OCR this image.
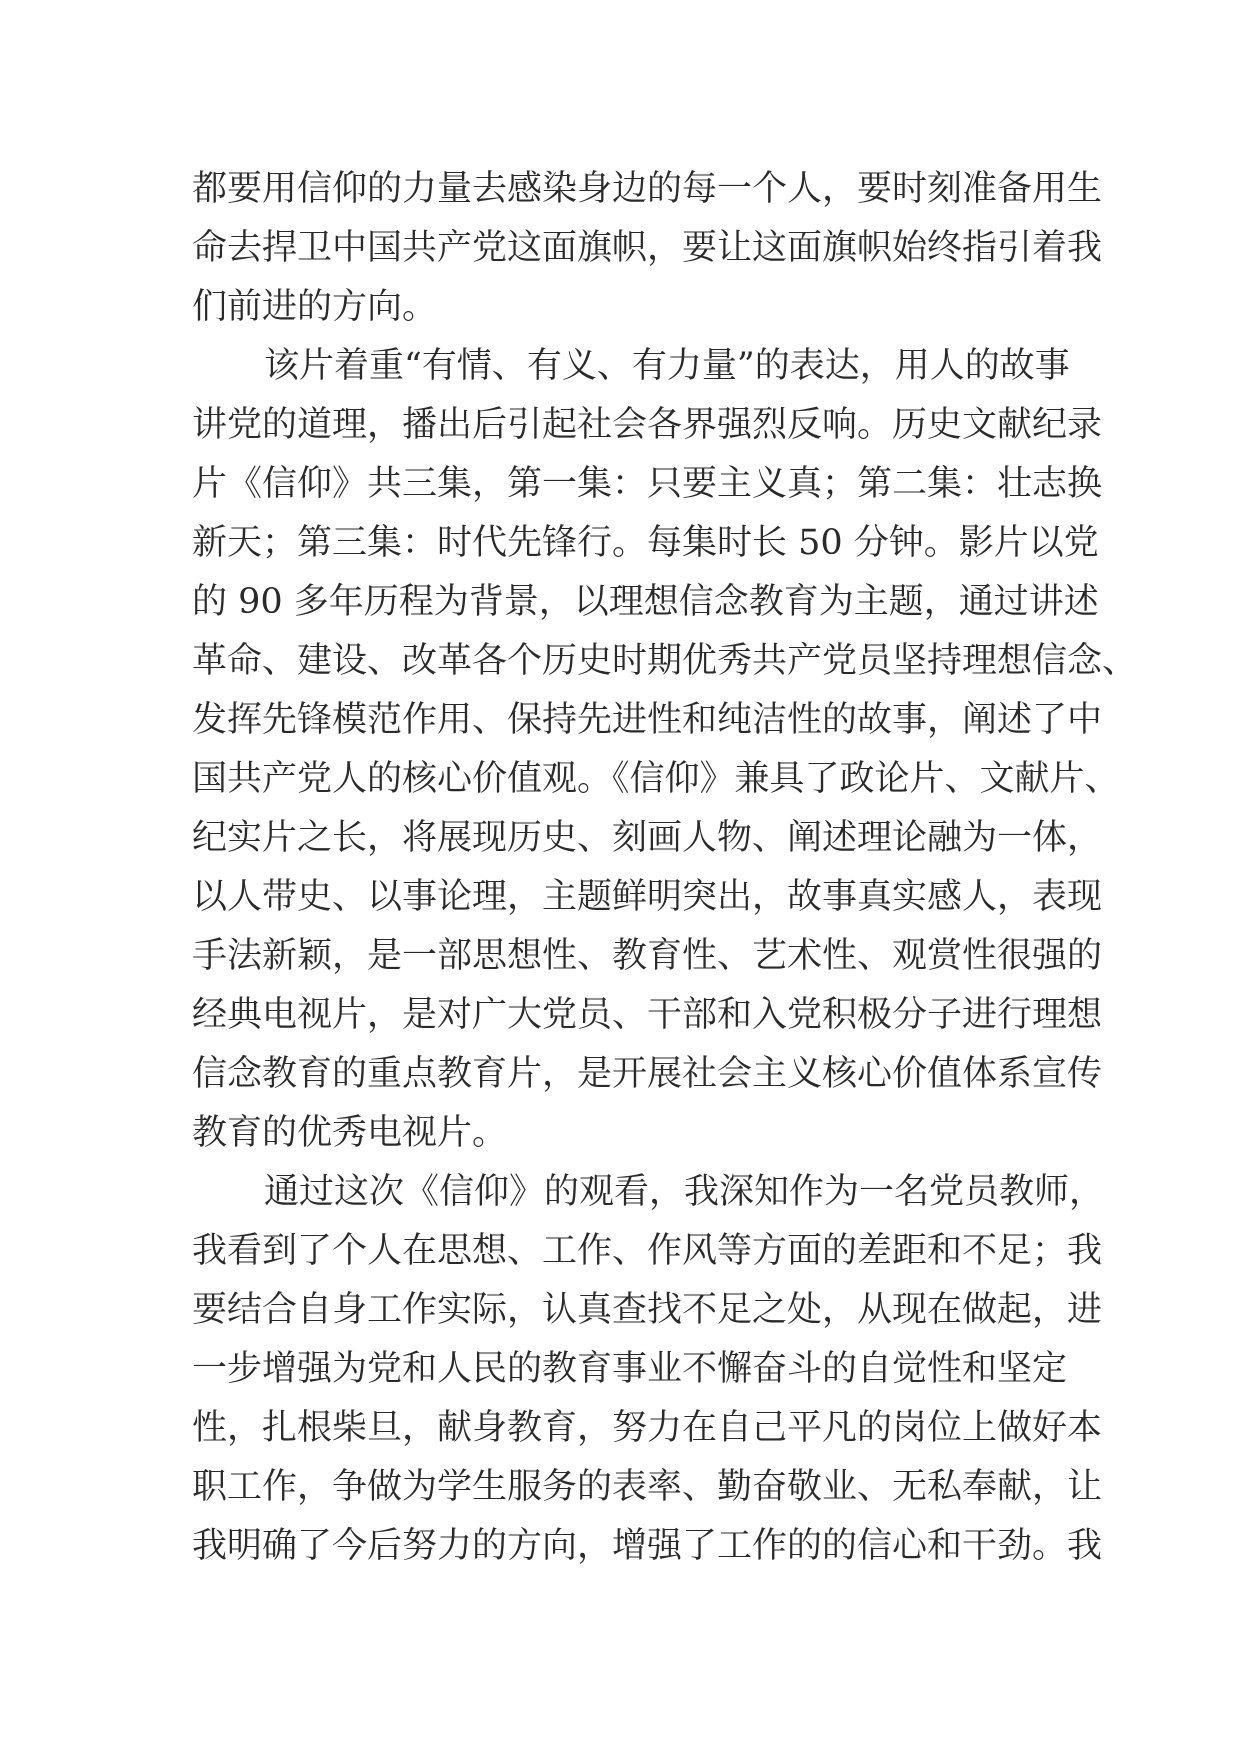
都要用信仰的力量去感染身边的每一个人，要时刻准备用生
命去捍卫中国共产党这面旗帜，要让这面旗帜始终指引着我
们前进的方向。
该片着重“有情、有义、有力量”的表达，用人的故事
讲党的道理，播出后引起社会各界强烈反响。历史文献纪录
片《信仰》共三集，第一集：只要主义真；第二集：壮志换
新天；第三集：时代先锋行。每集时长 50 分钟。影片以党
的 90 多年历程为背景，以理想信念教育为主题，通过讲述
革命、建设、改革各个历史时期优秀共产党员坚持理想信念、
发挥先锋模范作用、保持先进性和纯洁性的故事，阐述了中
国共产党人的核心价值观。《信仰》兼具了政论片、文献片、
纪实片之长，将展现历史、刻画人物、阐述理论融为一体，
以人带史、以事论理，主题鲜明突出，故事真实感人，表现
手法新颖，是一部思想性、教育性、艺术性、观赏性很强的
经典电视片，是对广大党员、干部和入党积极分子进行理想
信念教育的重点教育片，是开展社会主义核心价值体系宣传
教育的优秀电视片。
通过这次《信仰》的观看，我深知作为一名党员教师，
我看到了个人在思想、工作、作风等方面的差距和不足；我
要结合自身工作实际，认真查找不足之处，从现在做起，进
一步增强为党和人民的教育事业不懈奋斗的自觉性和坚定
性，扎根柴旦，献身教育，努力在自己平凡的岗位上做好本
职工作，争做为学生服务的表率、勤奋敬业、无私奉献，让
我明确了今后努力的方向，增强了工作的的信心和干劲。我
